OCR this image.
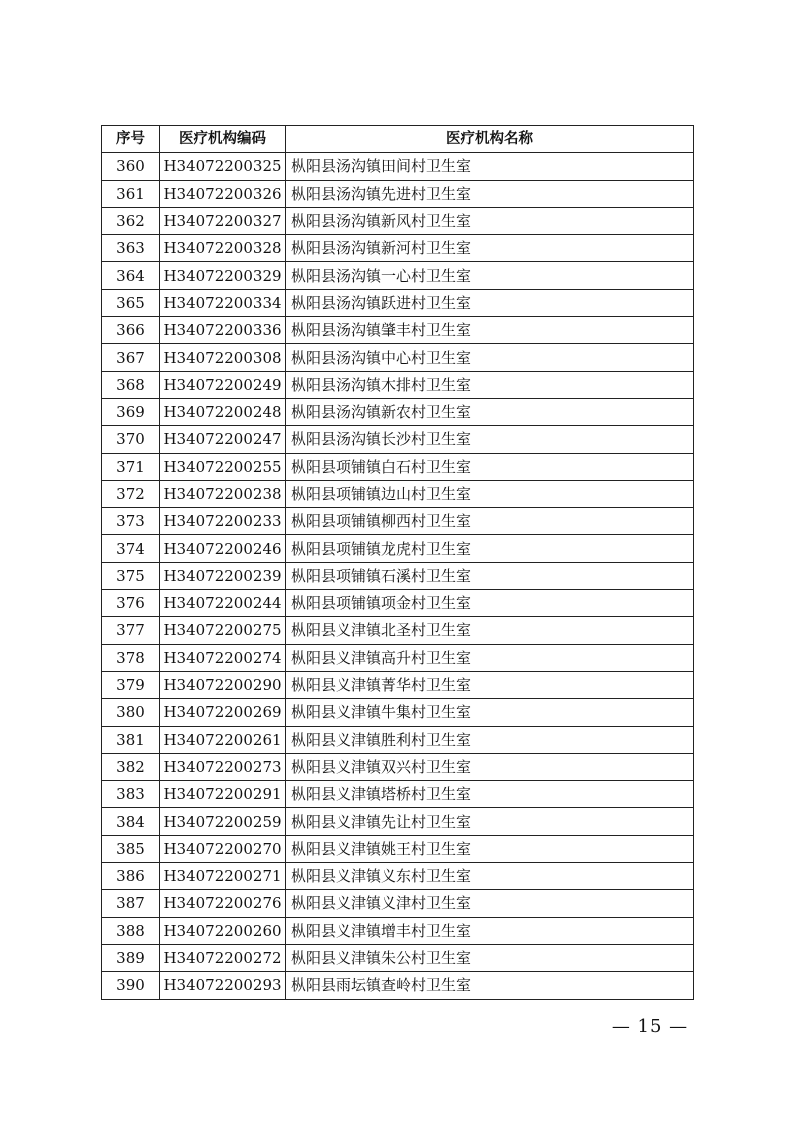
序号	医疗机构编码	医疗机构名称
360	H34072200325	枞阳县汤沟镇田间村卫生室
361	H34072200326	枞阳县汤沟镇先进村卫生室
362	H34072200327	枞阳县汤沟镇新风村卫生室
363	H34072200328	枞阳县汤沟镇新河村卫生室
364	H34072200329	枞阳县汤沟镇一心村卫生室
365	H34072200334	枞阳县汤沟镇跃进村卫生室
366	H34072200336	枞阳县汤沟镇肇丰村卫生室
367	H34072200308	枞阳县汤沟镇中心村卫生室
368	H34072200249	枞阳县汤沟镇木排村卫生室
369	H34072200248	枞阳县汤沟镇新农村卫生室
370	H34072200247	枞阳县汤沟镇长沙村卫生室
371	H34072200255	枞阳县项铺镇白石村卫生室
372	H34072200238	枞阳县项铺镇边山村卫生室
373	H34072200233	枞阳县项铺镇柳西村卫生室
374	H34072200246	枞阳县项铺镇龙虎村卫生室
375	H34072200239	枞阳县项铺镇石溪村卫生室
376	H34072200244	枞阳县项铺镇项金村卫生室
377	H34072200275	枞阳县义津镇北圣村卫生室
378	H34072200274	枞阳县义津镇高升村卫生室
379	H34072200290	枞阳县义津镇菁华村卫生室
380	H34072200269	枞阳县义津镇牛集村卫生室
381	H34072200261	枞阳县义津镇胜利村卫生室
382	H34072200273	枞阳县义津镇双兴村卫生室
383	H34072200291	枞阳县义津镇塔桥村卫生室
384	H34072200259	枞阳县义津镇先让村卫生室
385	H34072200270	枞阳县义津镇姚王村卫生室
386	H34072200271	枞阳县义津镇义东村卫生室
387	H34072200276	枞阳县义津镇义津村卫生室
388	H34072200260	枞阳县义津镇增丰村卫生室
389	H34072200272	枞阳县义津镇朱公村卫生室
390	H34072200293	枞阳县雨坛镇查岭村卫生室
— 15 —
